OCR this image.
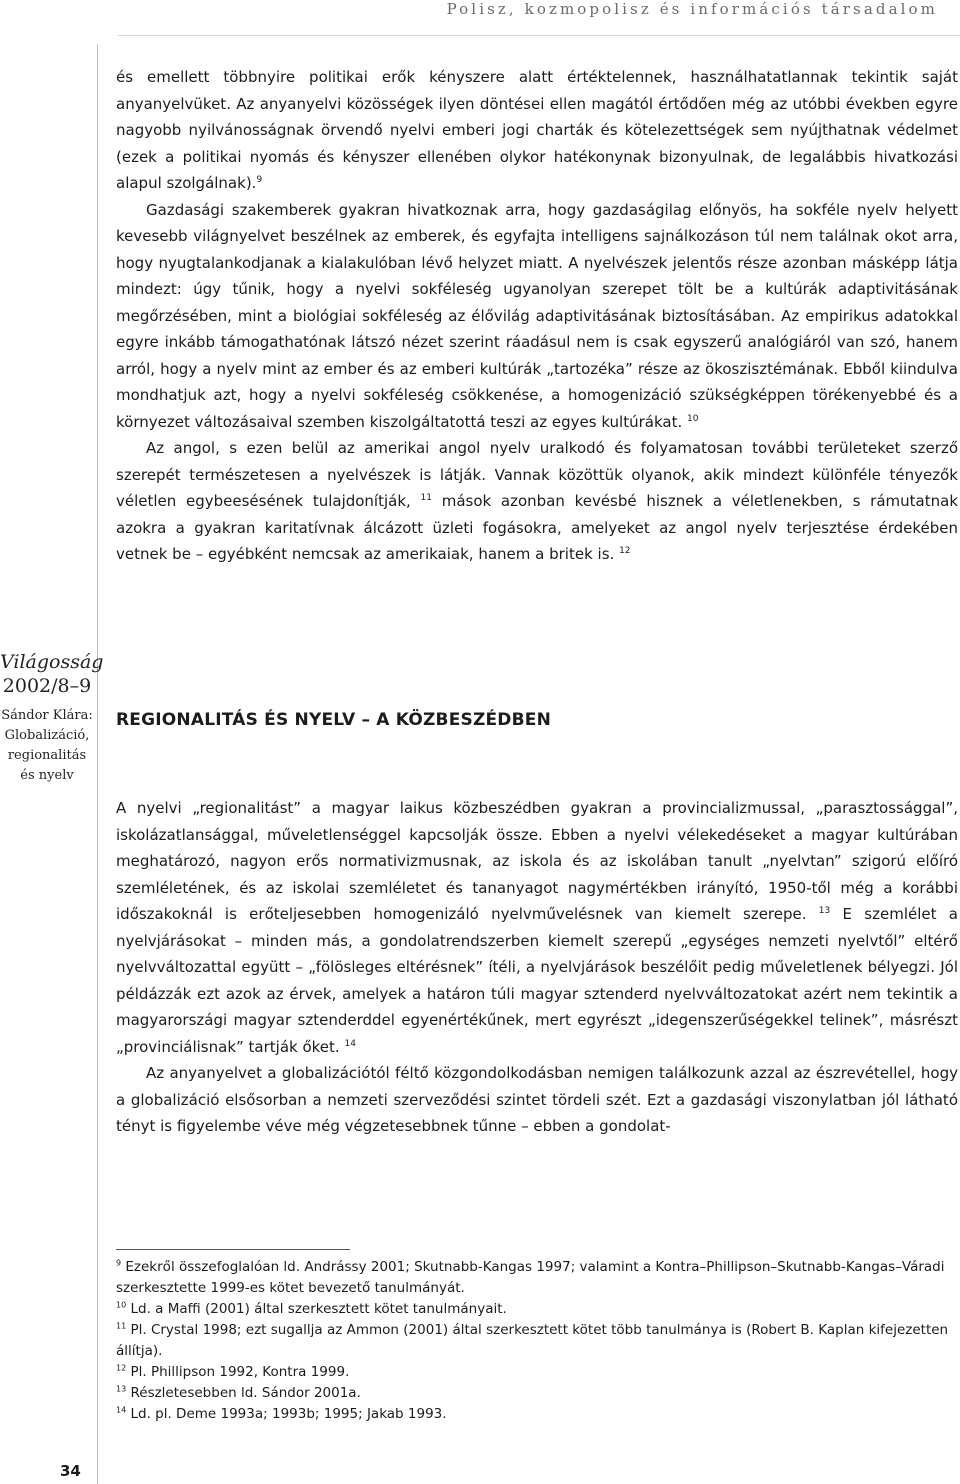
Polisz, kozmopolisz és információs társadalom
Világosság
2002/8–9
Sándor Klára:
Globalizáció,
regionalitás
és nyelv

és emellett többnyire politikai erők kényszere alatt értéktelennek, használhatatlannak tekintik saját anyanyelvüket. Az anyanyelvi közösségek ilyen döntései ellen magától értődően még az utóbbi években egyre nagyobb nyilvánosságnak örvendő nyelvi emberi jogi charták és kötelezettségek sem nyújthatnak védelmet (ezek a politikai nyomás és kényszer ellenében olykor hatékonynak bizonyulnak, de legalábbis hivatkozási alapul szolgálnak).$^9$

Gazdasági szakemberek gyakran hivatkoznak arra, hogy gazdaságilag előnyös, ha sokféle nyelv helyett kevesebb világnyelvet beszélnek az emberek, és egyfajta intelligens sajnálkozáson túl nem találnak okot arra, hogy nyugtalankodjanak a kialakulóban lévő helyzet miatt. A nyelvészek jelentős része azonban másképp látja mindezt: úgy tűnik, hogy a nyelvi sokféleség ugyanolyan szerepet tölt be a kultúrák adaptivitásának megőrzésében, mint a biológiai sokféleség az élővilág adaptivitásának biztosításában. Az empirikus adatokkal egyre inkább támogathatónak látszó nézet szerint ráadásul nem is csak egyszerű analógiáról van szó, hanem arról, hogy a nyelv mint az ember és az emberi kultúrák „tartozéka” része az ökoszisztémának. Ebből kiindulva mondhatjuk azt, hogy a nyelvi sokféleség csökkenése, a homogenizáció szükségképpen törékenyebbé és a környezet változásaival szemben kiszolgáltatottá teszi az egyes kultúrákat. $^{10}$

Az angol, s ezen belül az amerikai angol nyelv uralkodó és folyamatosan további területeket szerző szerepét természetesen a nyelvészek is látják. Vannak közöttük olyanok, akik mindezt különféle tényezők véletlen egybeesésének tulajdonítják, $^{11}$ mások azonban kevésbé hisznek a véletlenekben, s rámutatnak azokra a gyakran karitatívnak álcázott üzleti fogásokra, amelyeket az angol nyelv terjesztése érdekében vetnek be – egyébként nemcsak az amerikaiak, hanem a britek is. $^{12}$

REGIONALITÁS ÉS NYELV – A KÖZBESZÉDBEN

A nyelvi „regionalitást” a magyar laikus közbeszédben gyakran a provincializmussal, „parasztossággal”, iskolázatlansággal, műveletlenséggel kapcsolják össze. Ebben a nyelvi vélekedéseket a magyar kultúrában meghatározó, nagyon erős normativizmusnak, az iskola és az iskolában tanult „nyelvtan” szigorú előíró szemléletének, és az iskolai szemléletet és tananyagot nagymértékben irányító, 1950-től még a korábbi időszakoknál is erőteljesebben homogenizáló nyelvművelésnek van kiemelt szerepe. $^{13}$ E szemlélet a nyelvjárásokat – minden más, a gondolatrendszerben kiemelt szerepű „egységes nemzeti nyelvtől” eltérő nyelvváltozattal együtt – „fölösleges eltérésnek” ítéli, a nyelvjárások beszélőit pedig műveletlenek bélyegzi. Jól példázzák ezt azok az érvek, amelyek a határon túli magyar sztenderd nyelvváltozatokat azért nem tekintik a magyarországi magyar sztenderddel egyenértékűnek, mert egyrészt „idegenszerűségekkel telinek”, másrészt „provinciálisnak” tartják őket. $^{14}$

Az anyanyelvet a globalizációtól féltő közgondolkodásban nemigen találkozunk azzal az észrevétellel, hogy a globalizáció elsősorban a nemzeti szerveződési szintet tördeli szét. Ezt a gazdasági viszonylatban jól látható tényt is figyelembe véve még végzetesebbnek tűnne – ebben a gondolat-

$^9$ Ezekről összefoglalóan ld. Andrássy 2001; Skutnabb-Kangas 1997; valamint a Kontra–Phillipson–Skutnabb-Kangas–Váradi szerkesztette 1999-es kötet bevezető tanulmányát.

$^{10}$ Ld. a Maffi (2001) által szerkesztett kötet tanulmányait.

$^{11}$ Pl. Crystal 1998; ezt sugallja az Ammon (2001) által szerkesztett kötet több tanulmánya is (Robert B. Kaplan kifejezetten állítja).

$^{12}$ Pl. Phillipson 1992, Kontra 1999.

$^{13}$ Részletesebben ld. Sándor 2001a.

$^{14}$ Ld. pl. Deme 1993a; 1993b; 1995; Jakab 1993.

34
